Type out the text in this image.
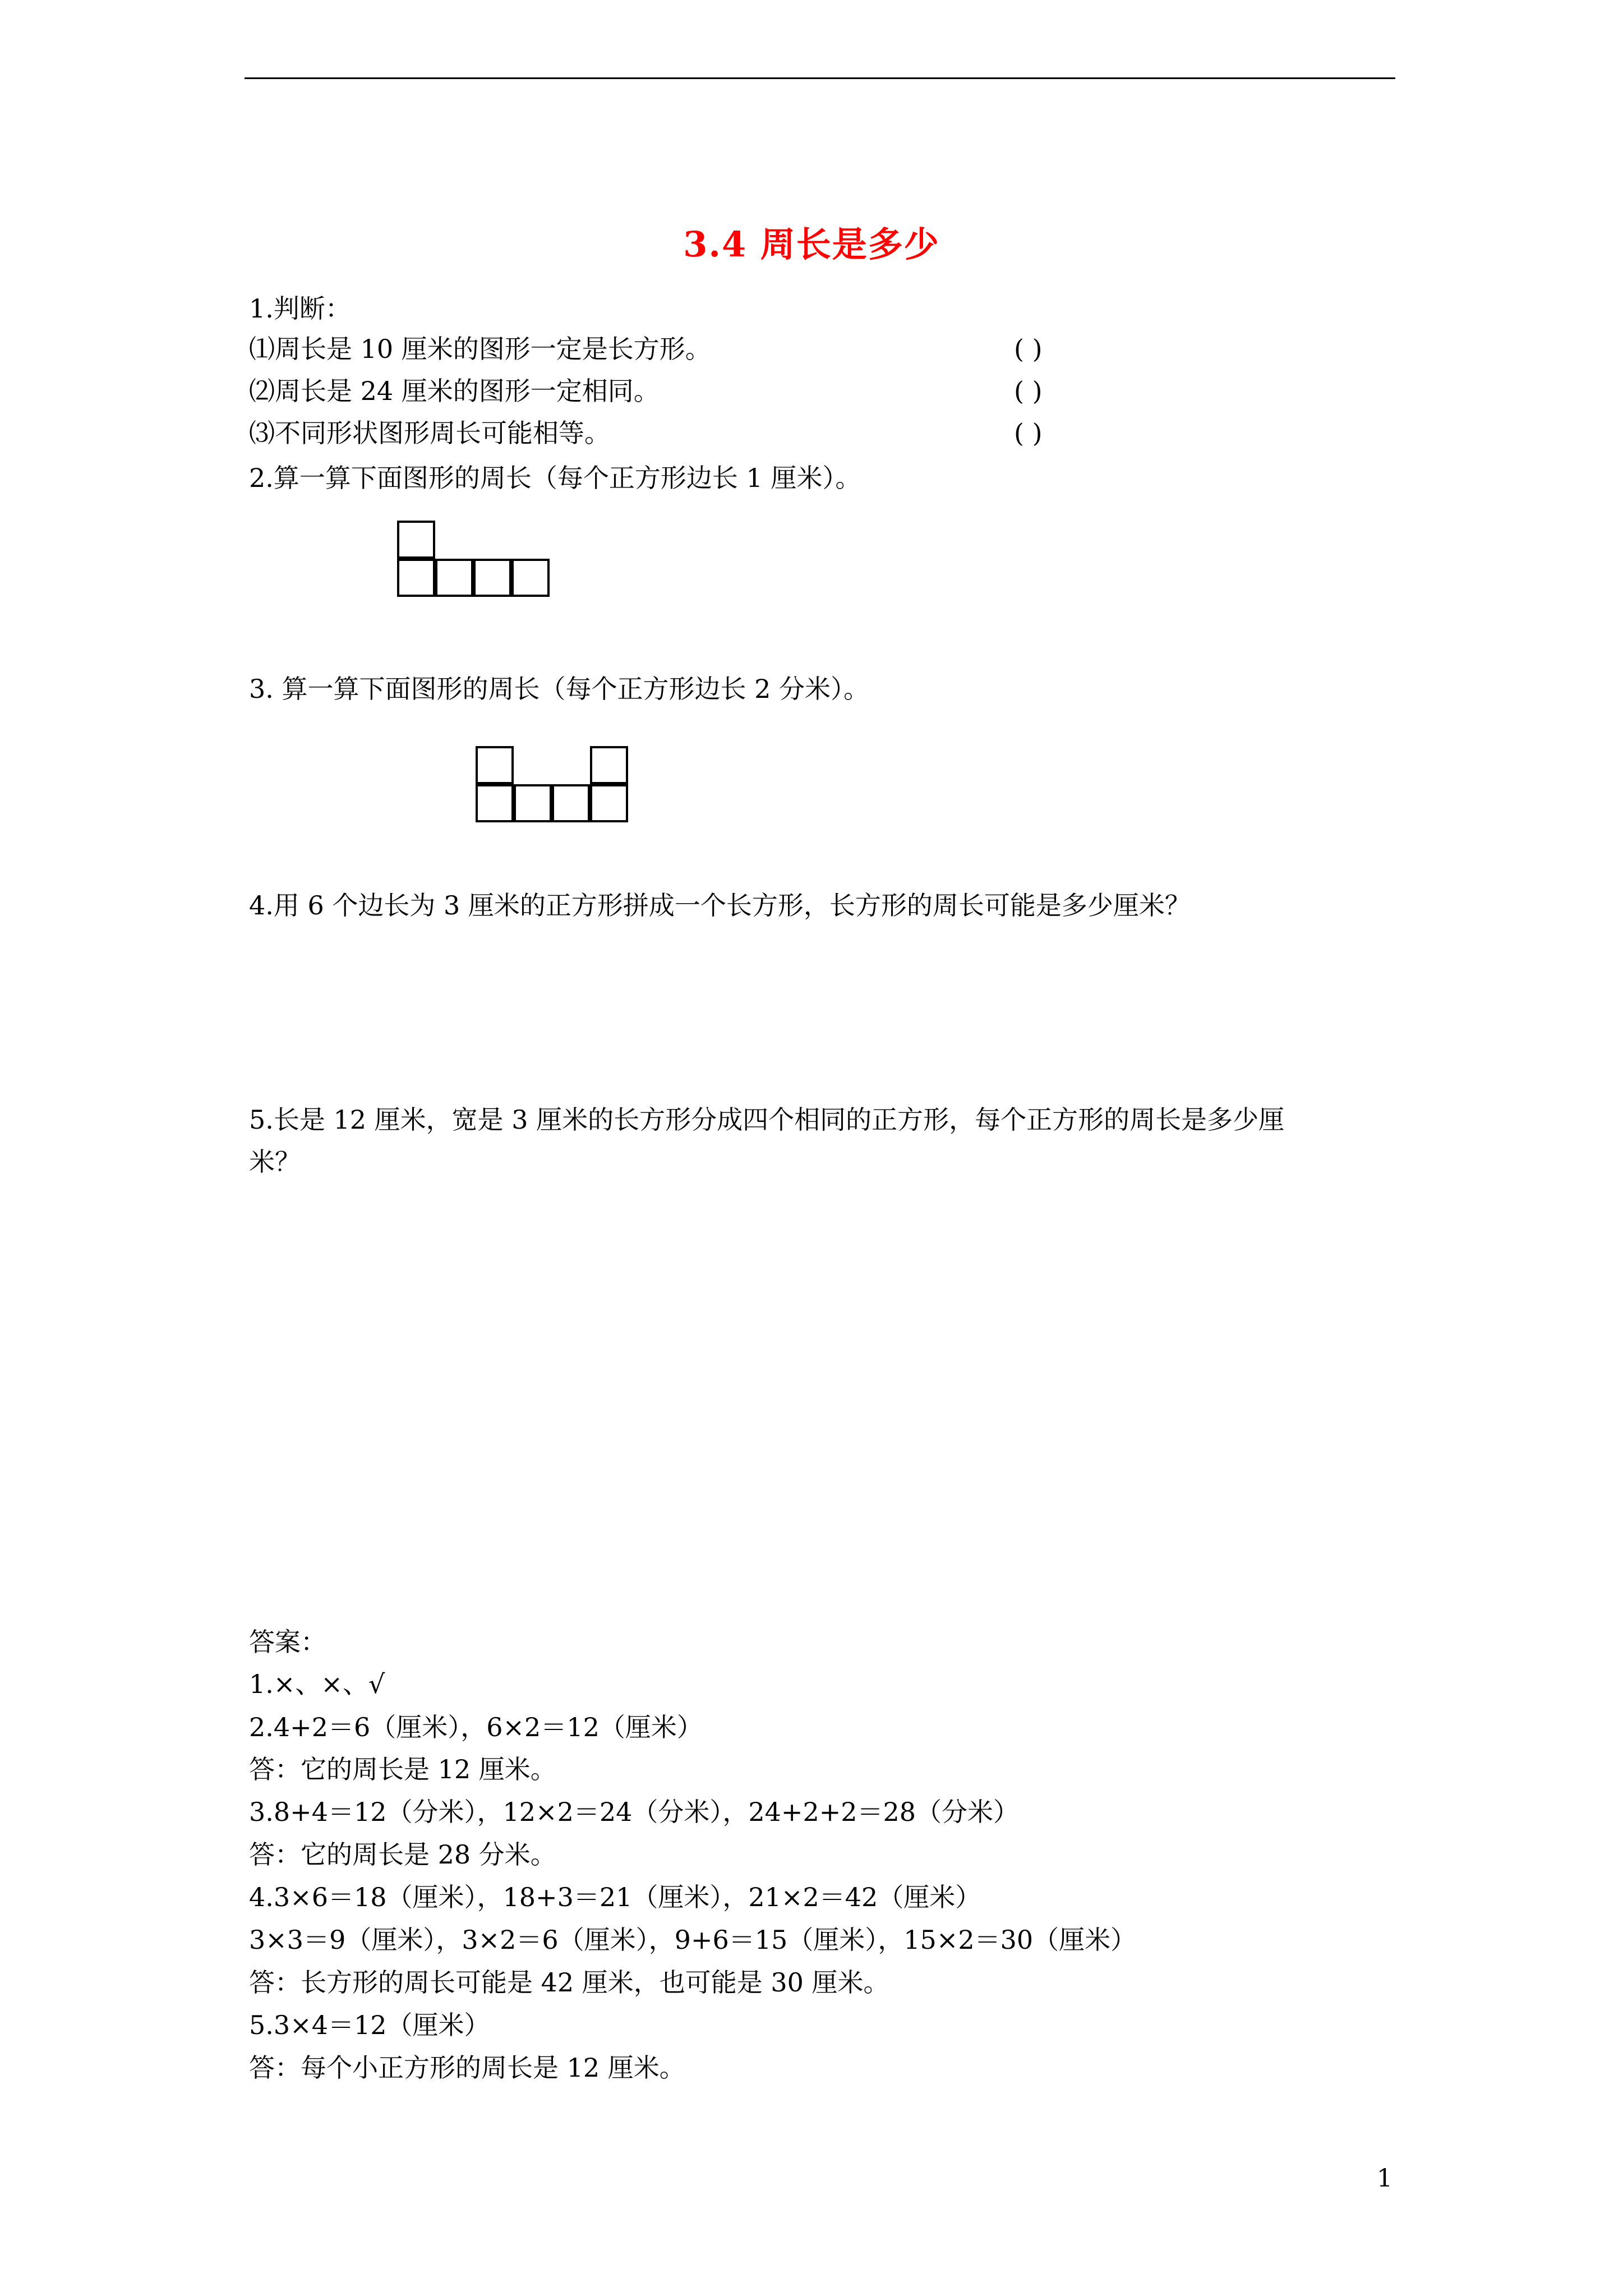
3.4 周长是多少
1.判断：
⑴周长是 10 厘米的图形一定是长方形。	( )
⑵周长是 24 厘米的图形一定相同。	( )
⑶不同形状图形周长可能相等。	( )
2.算一算下面图形的周长（每个正方形边长 1 厘米）。
3. 算一算下面图形的周长（每个正方形边长 2 分米）。
4.用 6 个边长为 3 厘米的正方形拼成一个长方形，长方形的周长可能是多少厘米？
5.长是 12 厘米，宽是 3 厘米的长方形分成四个相同的正方形，每个正方形的周长是多少厘
米？
答案：
1.×、×、√
2.4+2＝6（厘米），6×2＝12（厘米）
答：它的周长是 12 厘米。
3.8+4＝12（分米），12×2＝24（分米），24+2+2＝28（分米）
答：它的周长是 28 分米。
4.3×6＝18（厘米），18+3＝21（厘米），21×2＝42（厘米）
3×3＝9（厘米），3×2＝6（厘米），9+6＝15（厘米），15×2＝30（厘米）
答：长方形的周长可能是 42 厘米，也可能是 30 厘米。
5.3×4＝12（厘米）
答：每个小正方形的周长是 12 厘米。
1
